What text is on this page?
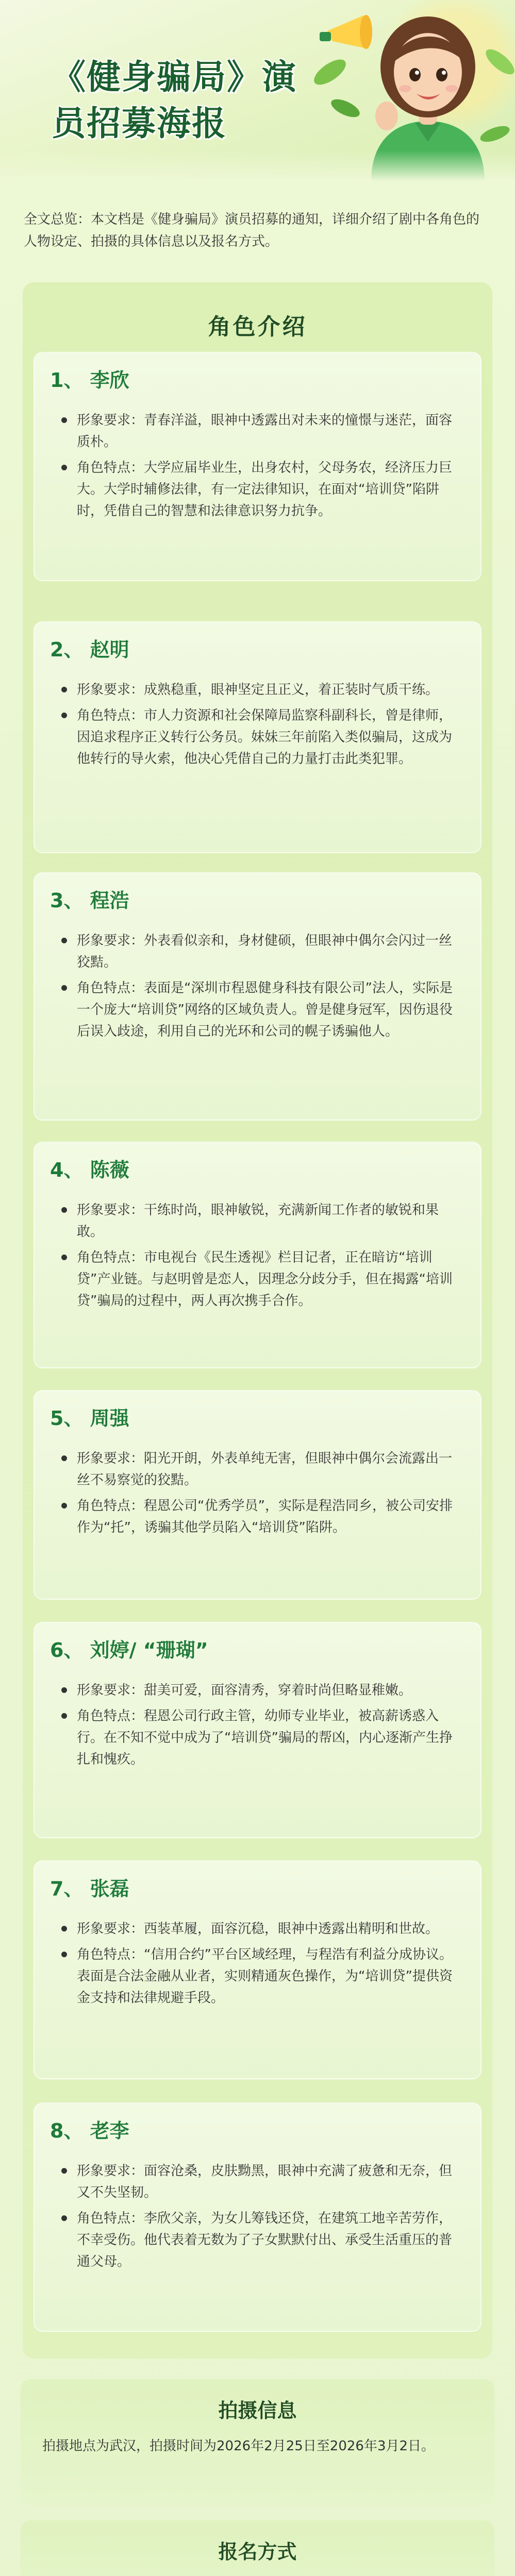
《健身骗局》演
员招募海报
全文总览：本文档是《健身骗局》演员招募的通知，详细介绍了剧中各角色的人物设定、拍摄的具体信息以及报名方式。
角色介绍
1、 李欣
形象要求：青春洋溢，眼神中透露出对未来的憧憬与迷茫，面容质朴。
角色特点：大学应届毕业生，出身农村，父母务农，经济压力巨大。大学时辅修法律，有一定法律知识，在面对“培训贷”陷阱时，凭借自己的智慧和法律意识努力抗争。
2、 赵明
形象要求：成熟稳重，眼神坚定且正义，着正装时气质干练。
角色特点：市人力资源和社会保障局监察科副科长，曾是律师，因追求程序正义转行公务员。妹妹三年前陷入类似骗局，这成为他转行的导火索，他决心凭借自己的力量打击此类犯罪。
3、 程浩
形象要求：外表看似亲和，身材健硕，但眼神中偶尔会闪过一丝狡黠。
角色特点：表面是“深圳市程恩健身科技有限公司”法人，实际是一个庞大“培训贷”网络的区域负责人。曾是健身冠军，因伤退役后误入歧途，利用自己的光环和公司的幌子诱骗他人。
4、 陈薇
形象要求：干练时尚，眼神敏锐，充满新闻工作者的敏锐和果敢。
角色特点：市电视台《民生透视》栏目记者，正在暗访“培训贷”产业链。与赵明曾是恋人，因理念分歧分手，但在揭露“培训贷”骗局的过程中，两人再次携手合作。
5、 周强
形象要求：阳光开朗，外表单纯无害，但眼神中偶尔会流露出一丝不易察觉的狡黠。
角色特点：程恩公司“优秀学员”，实际是程浩同乡，被公司安排作为“托”，诱骗其他学员陷入“培训贷”陷阱。
6、 刘婷/ “珊瑚”
形象要求：甜美可爱，面容清秀，穿着时尚但略显稚嫩。
角色特点：程恩公司行政主管，幼师专业毕业，被高薪诱惑入行。在不知不觉中成为了“培训贷”骗局的帮凶，内心逐渐产生挣扎和愧疚。
7、 张磊
形象要求：西装革履，面容沉稳，眼神中透露出精明和世故。
角色特点：“信用合约”平台区域经理，与程浩有利益分成协议。表面是合法金融从业者，实则精通灰色操作，为“培训贷”提供资金支持和法律规避手段。
8、 老李
形象要求：面容沧桑，皮肤黝黑，眼神中充满了疲惫和无奈，但又不失坚韧。
角色特点：李欣父亲，为女儿筹钱还贷，在建筑工地辛苦劳作，不幸受伤。他代表着无数为了子女默默付出、承受生活重压的普通父母。
拍摄信息
拍摄地点为武汉，拍摄时间为2026年2月25日至2026年3月2日。
报名方式
